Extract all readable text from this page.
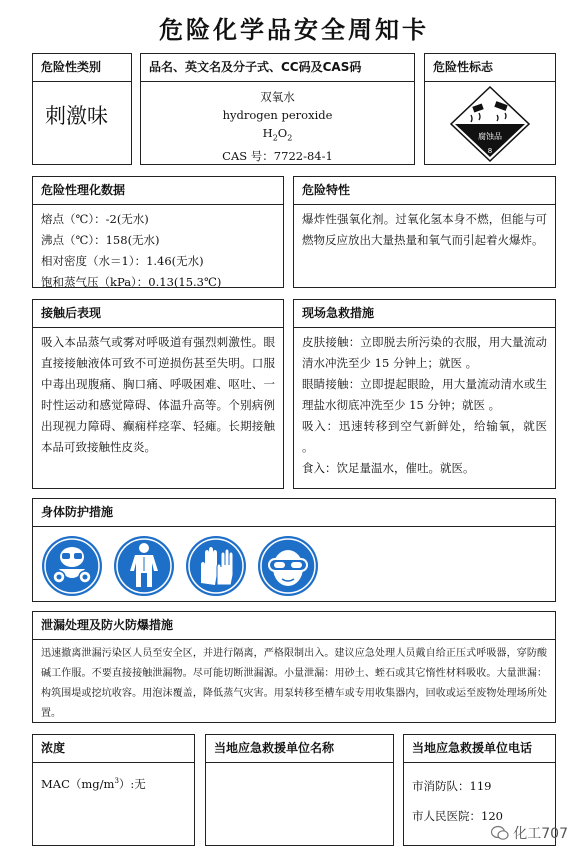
危险化学品安全周知卡
危险性类别
刺激味
品名、英文名及分子式、CC码及CAS码
双氧水
hydrogen peroxide
$H_2O_2$
CAS 号：7722-84-1
危险性标志
腐蚀品
8
危险性理化数据
熔点（℃）：-2(无水)
沸点（℃）：158(无水)
相对密度（水＝1）：1.46(无水)
饱和蒸气压（kPa）：0.13(15.3℃)
危险特性
爆炸性强氧化剂。过氧化氢本身不燃，但能与可燃物反应放出大量热量和氧气而引起着火爆炸。
接触后表现
吸入本品蒸气或雾对呼吸道有强烈刺激性。眼直接接触液体可致不可逆损伤甚至失明。口服中毒出现腹痛、胸口痛、呼吸困难、呕吐、一时性运动和感觉障碍、体温升高等。个别病例出现视力障碍、癫痫样痉挛、轻瘫。长期接触本品可致接触性皮炎。
现场急救措施
皮肤接触：立即脱去所污染的衣服，用大量流动清水冲洗至少 15 分钟上；就医 。
眼睛接触：立即提起眼睑，用大量流动清水或生理盐水彻底冲洗至少 15 分钟；就医 。
吸入：迅速转移到空气新鲜处，给输氧，就医 。
食入：饮足量温水，催吐。就医。
身体防护措施
泄漏处理及防火防爆措施
迅速撤离泄漏污染区人员至安全区，并进行隔离，严格限制出入。建议应急处理人员戴自给正压式呼吸器，穿防酸碱工作服。不要直接接触泄漏物。尽可能切断泄漏源。小量泄漏：用砂土、蛭石或其它惰性材料吸收。大量泄漏：构筑围堤或挖坑收容。用泡沫覆盖，降低蒸气灾害。用泵转移至槽车或专用收集器内，回收或运至废物处理场所处置。
浓度
$MAC(mg/m^3)$:无
当地应急救援单位名称	当地应急救援单位电话
市消防队：119
市人民医院：120
化工707
